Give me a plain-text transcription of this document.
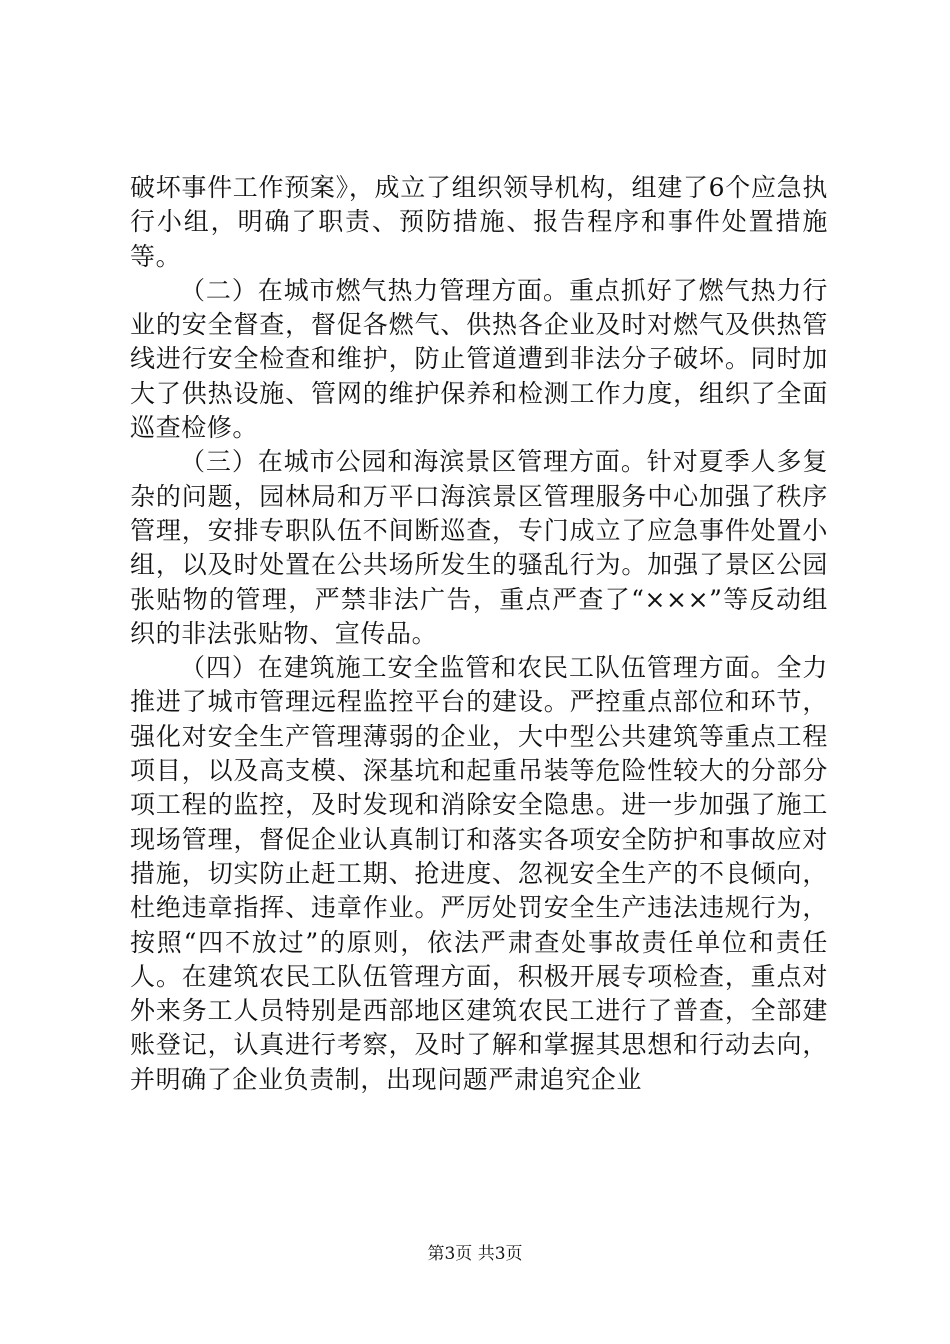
破坏事件工作预案》，成立了组织领导机构，组建了6个应急执行小组，明确了职责、预防措施、报告程序和事件处置措施等。

（二）在城市燃气热力管理方面。重点抓好了燃气热力行业的安全督查，督促各燃气、供热各企业及时对燃气及供热管线进行安全检查和维护，防止管道遭到非法分子破坏。同时加大了供热设施、管网的维护保养和检测工作力度，组织了全面巡查检修。

（三）在城市公园和海滨景区管理方面。针对夏季人多复杂的问题，园林局和万平口海滨景区管理服务中心加强了秩序管理，安排专职队伍不间断巡查，专门成立了应急事件处置小组，以及时处置在公共场所发生的骚乱行为。加强了景区公园张贴物的管理，严禁非法广告，重点严查了“×××”等反动组织的非法张贴物、宣传品。

（四）在建筑施工安全监管和农民工队伍管理方面。全力推进了城市管理远程监控平台的建设。严控重点部位和环节，强化对安全生产管理薄弱的企业，大中型公共建筑等重点工程项目，以及高支模、深基坑和起重吊装等危险性较大的分部分项工程的监控，及时发现和消除安全隐患。进一步加强了施工现场管理，督促企业认真制订和落实各项安全防护和事故应对措施，切实防止赶工期、抢进度、忽视安全生产的不良倾向，杜绝违章指挥、违章作业。严厉处罚安全生产违法违规行为，按照“四不放过”的原则，依法严肃查处事故责任单位和责任人。在建筑农民工队伍管理方面，积极开展专项检查，重点对外来务工人员特别是西部地区建筑农民工进行了普查，全部建账登记，认真进行考察，及时了解和掌握其思想和行动去向，并明确了企业负责制，出现问题严肃追究企业

第3页 共3页
